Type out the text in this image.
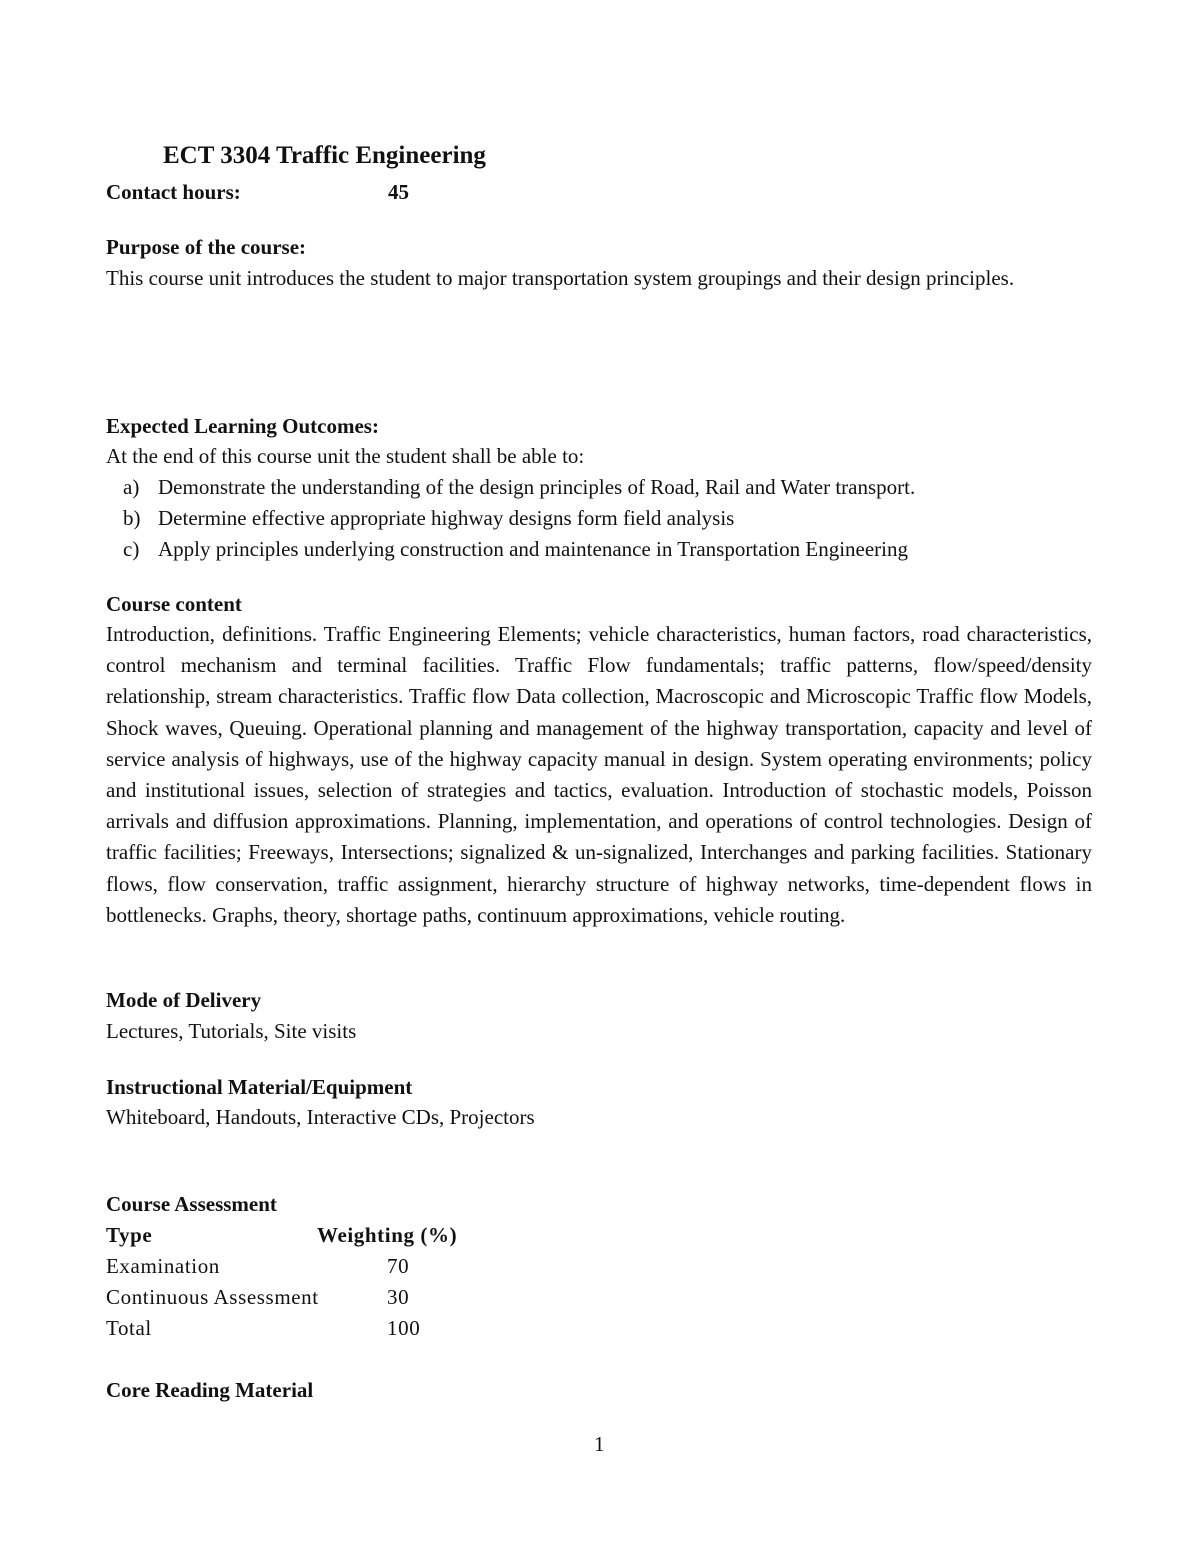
ECT 3304 Traffic Engineering
Contact hours:	45
Purpose of the course:
This course unit introduces the student to major transportation system groupings and their design principles.
Expected Learning Outcomes:
At the end of this course unit the student shall be able to:
a) Demonstrate the understanding of the design principles of Road, Rail and Water transport.
b) Determine effective appropriate highway designs form field analysis
c) Apply principles underlying construction and maintenance in Transportation Engineering
Course content
Introduction, definitions. Traffic Engineering Elements; vehicle characteristics, human factors, road characteristics, control mechanism and terminal facilities. Traffic Flow fundamentals; traffic patterns, flow/speed/density relationship, stream characteristics. Traffic flow Data collection, Macroscopic and Microscopic Traffic flow Models, Shock waves, Queuing. Operational planning and management of the highway transportation, capacity and level of service analysis of highways, use of the highway capacity manual in design. System operating environments; policy and institutional issues, selection of strategies and tactics, evaluation. Introduction of stochastic models, Poisson arrivals and diffusion approximations. Planning, implementation, and operations of control technologies. Design of traffic facilities; Freeways, Intersections; signalized & un-signalized, Interchanges and parking facilities. Stationary flows, flow conservation, traffic assignment, hierarchy structure of highway networks, time-dependent flows in bottlenecks. Graphs, theory, shortage paths, continuum approximations, vehicle routing.
Mode of Delivery
Lectures, Tutorials, Site visits
Instructional Material/Equipment
Whiteboard, Handouts, Interactive CDs, Projectors
Course Assessment
Type	Weighting (%)
Examination	70
Continuous Assessment	30
Total	100
Core Reading Material
1
